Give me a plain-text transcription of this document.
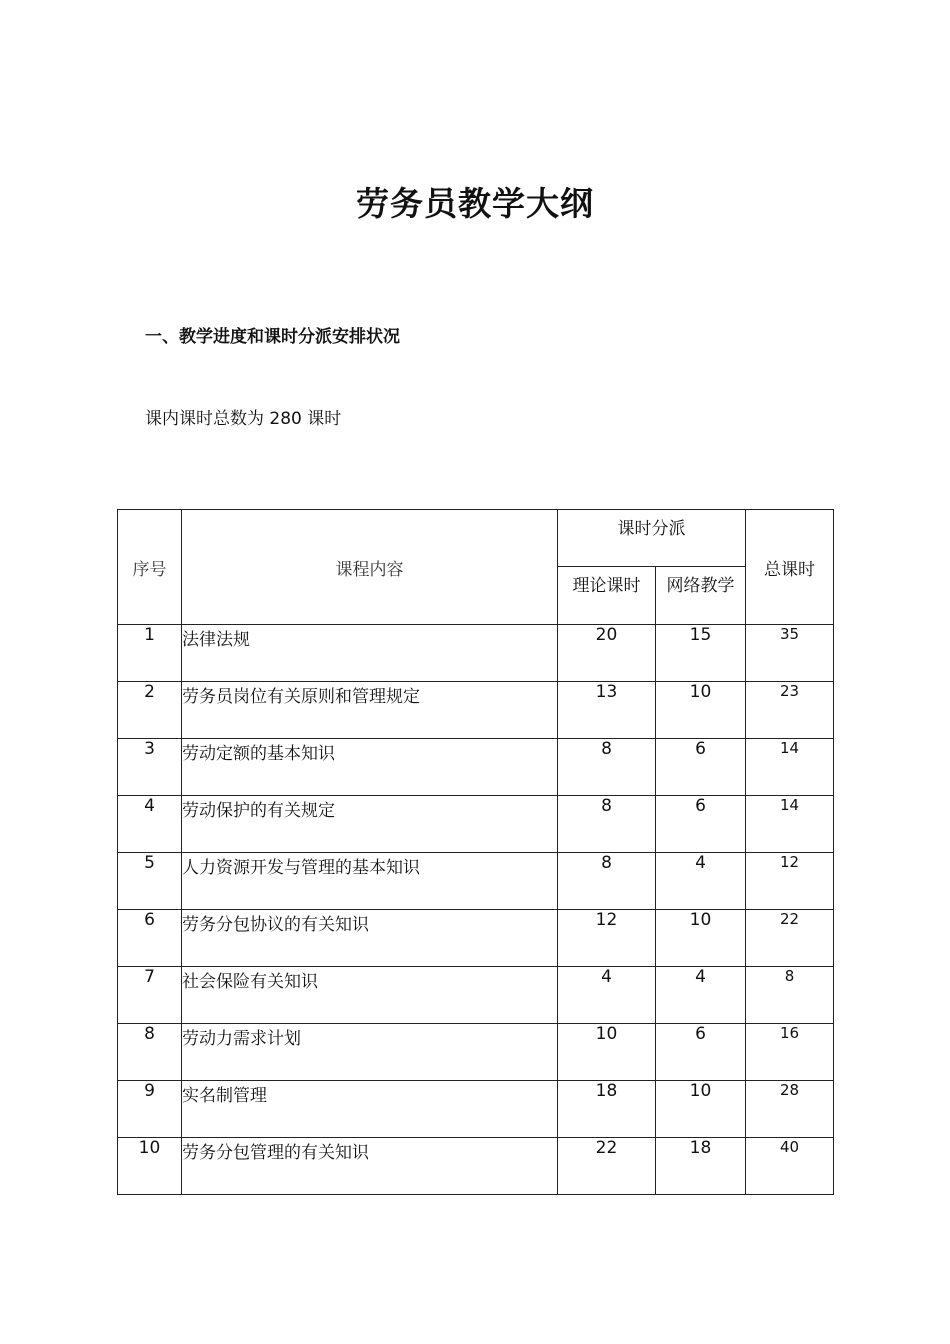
劳务员教学大纲
一、教学进度和课时分派安排状况
课内课时总数为 280 课时
序号	课程内容	课时分派		总课时
		理论课时	网络教学	
1	法律法规	20	15	35
2	劳务员岗位有关原则和管理规定	13	10	23
3	劳动定额的基本知识	8	6	14
4	劳动保护的有关规定	8	6	14
5	人力资源开发与管理的基本知识	8	4	12
6	劳务分包协议的有关知识	12	10	22
7	社会保险有关知识	4	4	8
8	劳动力需求计划	10	6	16
9	实名制管理	18	10	28
10	劳务分包管理的有关知识	22	18	40
